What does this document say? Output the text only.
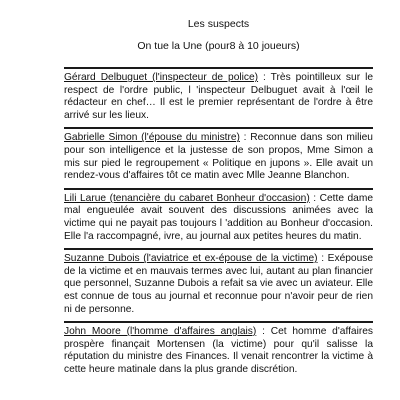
Les suspects
On tue la Une (pour8 à 10 joueurs)

Gérard Delbuguet (l'inspecteur de police) : Très pointilleux sur le respect de l'ordre public, l 'inspecteur Delbuguet avait à l'œil le rédacteur en chef… Il est le premier représentant de l'ordre à être arrivé sur les lieux.

Gabrielle Simon (l'épouse du ministre) : Reconnue dans son milieu pour son intelligence et la justesse de son propos, Mme Simon a mis sur pied le regroupement « Politique en jupons ». Elle avait un rendez-vous d'affaires tôt ce matin avec Mlle Jeanne Blanchon.

Lili Larue (tenancière du cabaret Bonheur d'occasion) : Cette dame mal engueulée avait souvent des discussions animées avec la victime qui ne payait pas toujours l 'addition au Bonheur d'occasion. Elle l'a raccompagné, ivre, au journal aux petites heures du matin.

Suzanne Dubois (l'aviatrice et ex-épouse de la victime) : Exépouse de la victime et en mauvais termes avec lui, autant au plan financier que personnel, Suzanne Dubois a refait sa vie avec un aviateur. Elle est connue de tous au journal et reconnue pour n'avoir peur de rien ni de personne.

John Moore (l'homme d'affaires anglais) : Cet homme d'affaires prospère finançait Mortensen (la victime) pour qu'il salisse la réputation du ministre des Finances. Il venait rencontrer la victime à cette heure matinale dans la plus grande discrétion.
